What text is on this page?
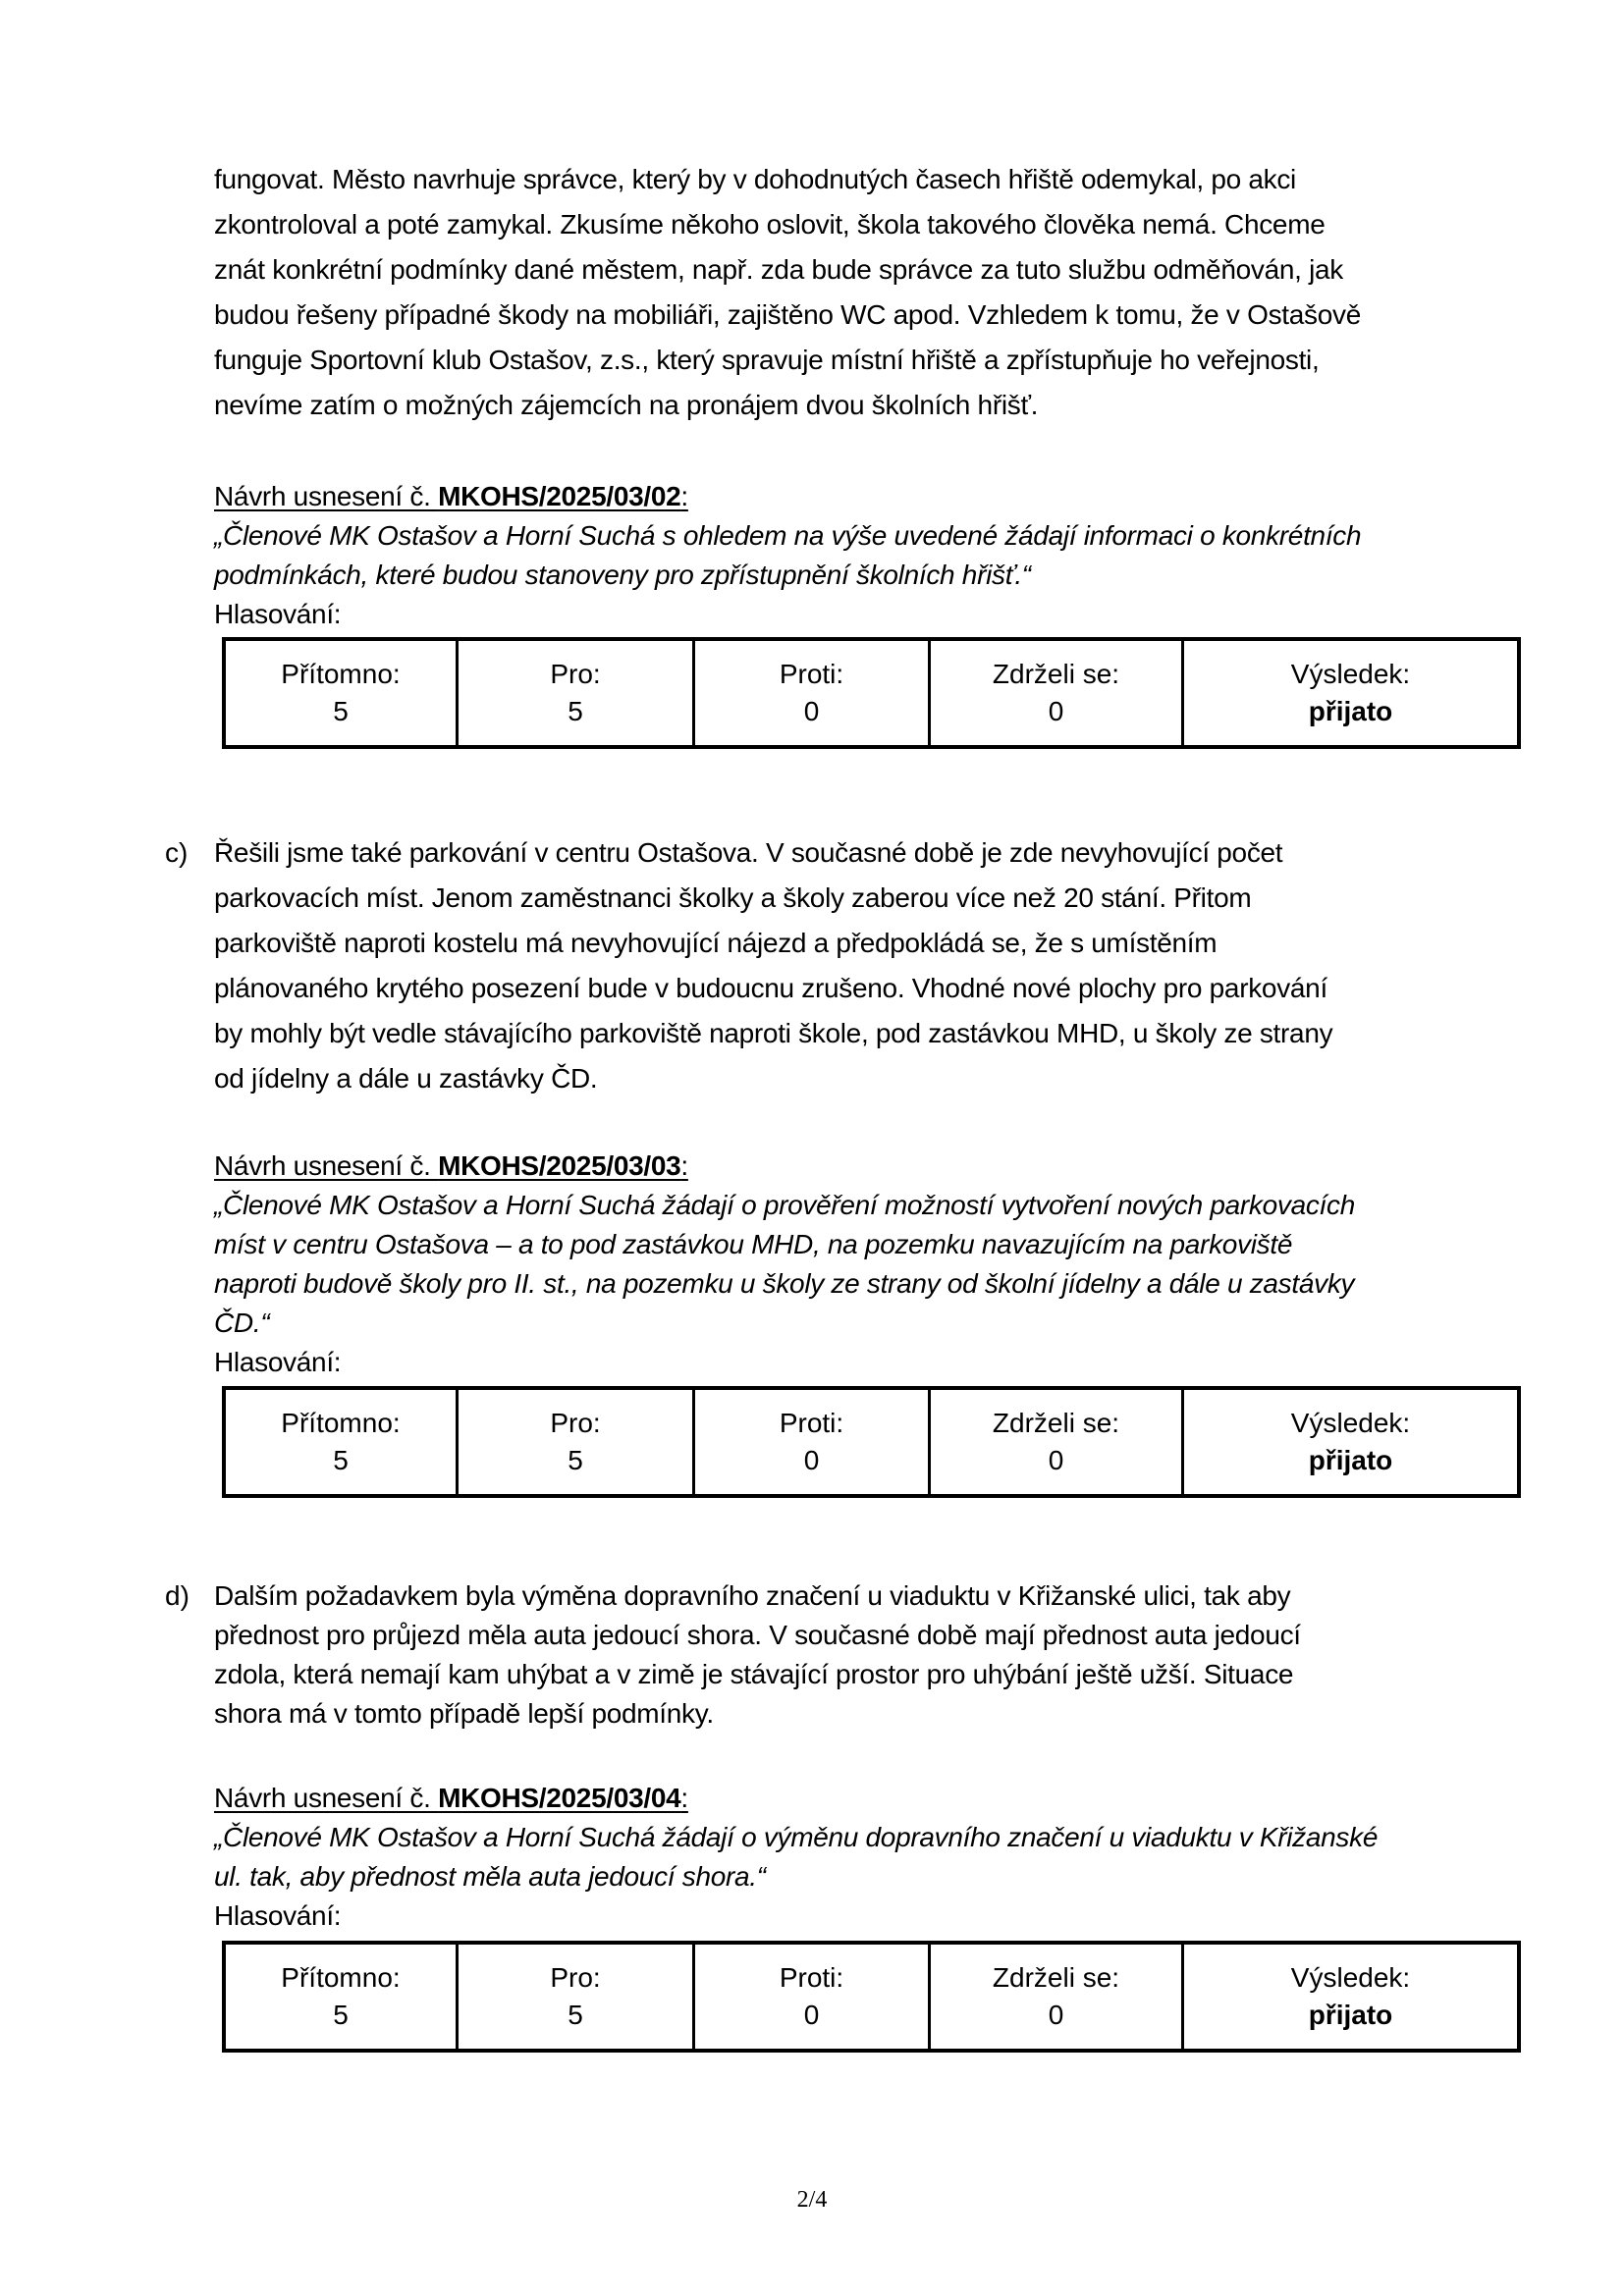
fungovat. Město navrhuje správce, který by v dohodnutých časech hřiště odemykal, po akci

zkontroloval a poté zamykal. Zkusíme někoho oslovit, škola takového člověka nemá. Chceme

znát konkrétní podmínky dané městem, např. zda bude správce za tuto službu odměňován, jak

budou řešeny případné škody na mobiliáři, zajištěno WC apod. Vzhledem k tomu, že v Ostašově

funguje Sportovní klub Ostašov, z.s., který spravuje místní hřiště a zpřístupňuje ho veřejnosti,

nevíme zatím o možných zájemcích na pronájem dvou školních hřišť.

Návrh usnesení č. MKOHS/2025/03/02:

„Členové MK Ostašov a Horní Suchá s ohledem na výše uvedené žádají informaci o konkrétních

podmínkách, které budou stanoveny pro zpřístupnění školních hřišť.“

Hlasování:

Přítomno:
5

Pro:
5

Proti:
0

Zdrželi se:
0

Výsledek:
přijato
c) Řešili jsme také parkování v centru Ostašova. V současné době je zde nevyhovující počet

parkovacích míst. Jenom zaměstnanci školky a školy zaberou více než 20 stání. Přitom

parkoviště naproti kostelu má nevyhovující nájezd a předpokládá se, že s umístěním

plánovaného krytého posezení bude v budoucnu zrušeno. Vhodné nové plochy pro parkování

by mohly být vedle stávajícího parkoviště naproti škole, pod zastávkou MHD, u školy ze strany

od jídelny a dále u zastávky ČD.

Návrh usnesení č. MKOHS/2025/03/03:

„Členové MK Ostašov a Horní Suchá žádají o prověření možností vytvoření nových parkovacích

míst v centru Ostašova – a to pod zastávkou MHD, na pozemku navazujícím na parkoviště

naproti budově školy pro II. st., na pozemku u školy ze strany od školní jídelny a dále u zastávky

ČD.“

Hlasování:

Přítomno:
5

Pro:
5

Proti:
0

Zdrželi se:
0

Výsledek:
přijato
d) Dalším požadavkem byla výměna dopravního značení u viaduktu v Křižanské ulici, tak aby

přednost pro průjezd měla auta jedoucí shora. V současné době mají přednost auta jedoucí

zdola, která nemají kam uhýbat a v zimě je stávající prostor pro uhýbání ještě užší. Situace

shora má v tomto případě lepší podmínky.

Návrh usnesení č. MKOHS/2025/03/04:

„Členové MK Ostašov a Horní Suchá žádají o výměnu dopravního značení u viaduktu v Křižanské

ul. tak, aby přednost měla auta jedoucí shora.“

Hlasování:

Přítomno:
5

Pro:
5

Proti:
0

Zdrželi se:
0

Výsledek:
přijato
2/4
